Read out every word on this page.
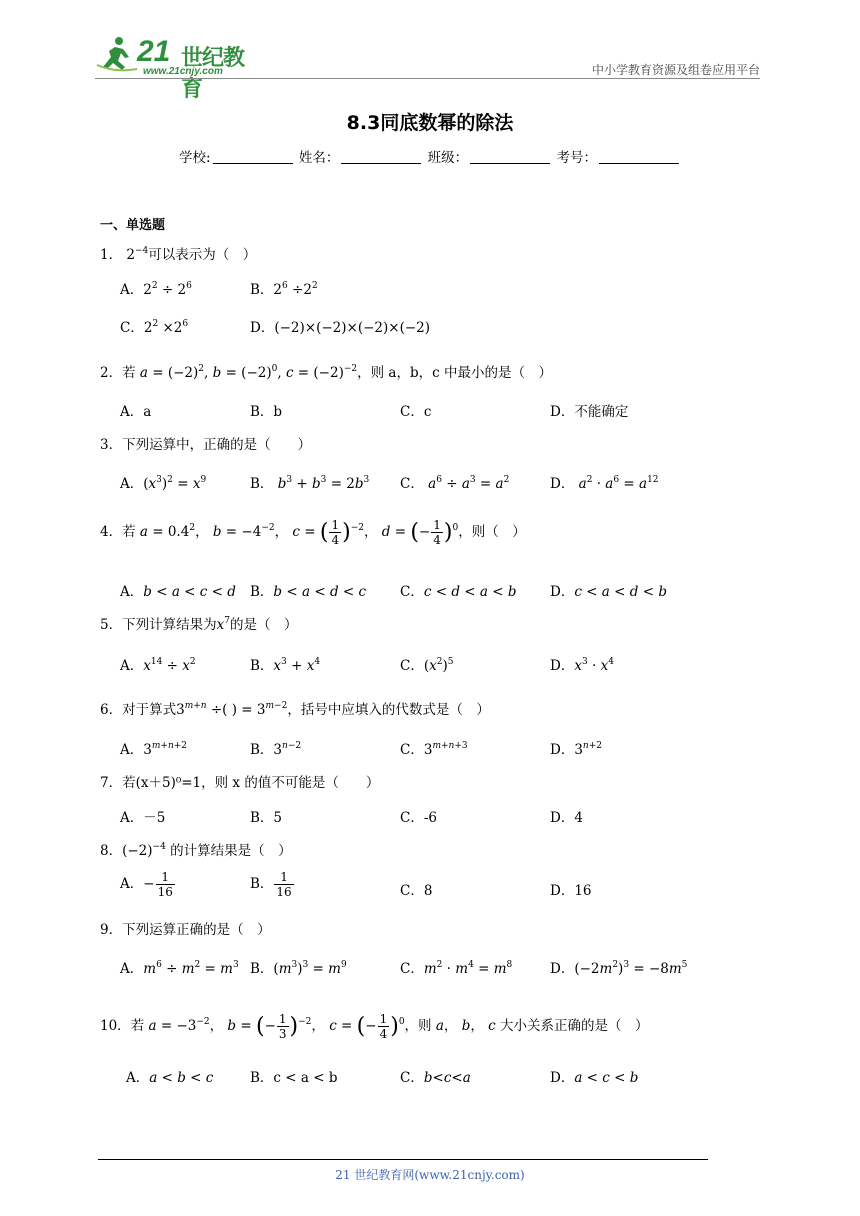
21 世纪教育
www.21cnjy.com	中小学教育资源及组卷应用平台
8.3同底数幂的除法
学校:	姓名：	班级：	考号：
一、单选题
1． $2^{-4}$可以表示为（　）
A．$2^2 \div 2^6$	B．$2^6 \div 2^2$
C．$2^2 \times 2^6$	D．(−2)×(−2)×(−2)×(−2)
2．若 $a = (-2)^2$, $b = (-2)^0$, $c = (-2)^{-2}$，则 a，b，c 中最小的是（　）
A．a	B．b	C．c	D．不能确定
3．下列运算中，正确的是（　　）
A．$(x^3)^2 = x^9$	B． $b^3 + b^3 = 2b^3$ C． $a^6 \div a^3 = a^2$	D． $a^2 \cdot a^6 = a^{12}$
4．若 $a = 0.4^2$， $b = -4^{-2}$， c = ( $\frac{1}{4} )^{-2}$， d = (− $\frac{1}{4} )^0$，则（　）
A．b < a < c < d B．b < a < d < c	C．c < d < a < b D．c < a < d < b
5．下列计算结果为$x^7$的是（　）
A．$x^{14} \div x^2$	B．$x^3 + x^4$	C．$(x^2)^5$	D．$x^3 \cdot x^4$
6．对于算式$3^{m+n}$ ÷( ) = $3^{m-2}$，括号中应填入的代数式是（　）
A．$3^{m+n+2}$	B．$3^{n-2}$	C．$3^{m+n+3}$	D．$3^{n+2}$
7．若(x＋5)⁰=1，则 x 的值不可能是（　　）
A．－5	B．5	C．-6	D．4
8．$(-2)^{-4}$ 的计算结果是（　）
A．− $\frac{1}{16}$	B． $\frac{1}{16}$	C．8	D．16
9．下列运算正确的是（　）
A．$m^6 \div m^2 = m^3$ B．$(m^3)^3 = m^9$	C．$m^2 \cdot m^4 = m^8$	D．$(-2m^2)^3 = -8m^5$
10．若 $a = -3^{-2}$， b = (− $\frac{1}{3} )^{-2}$， c = (− $\frac{1}{4} )^0$，则 a， b， c 大小关系正确的是（　）
A．a < b < c	B．c < a < b	C．b<c<a	D．a < c < b
21 世纪教育网(www.21cnjy.com)
